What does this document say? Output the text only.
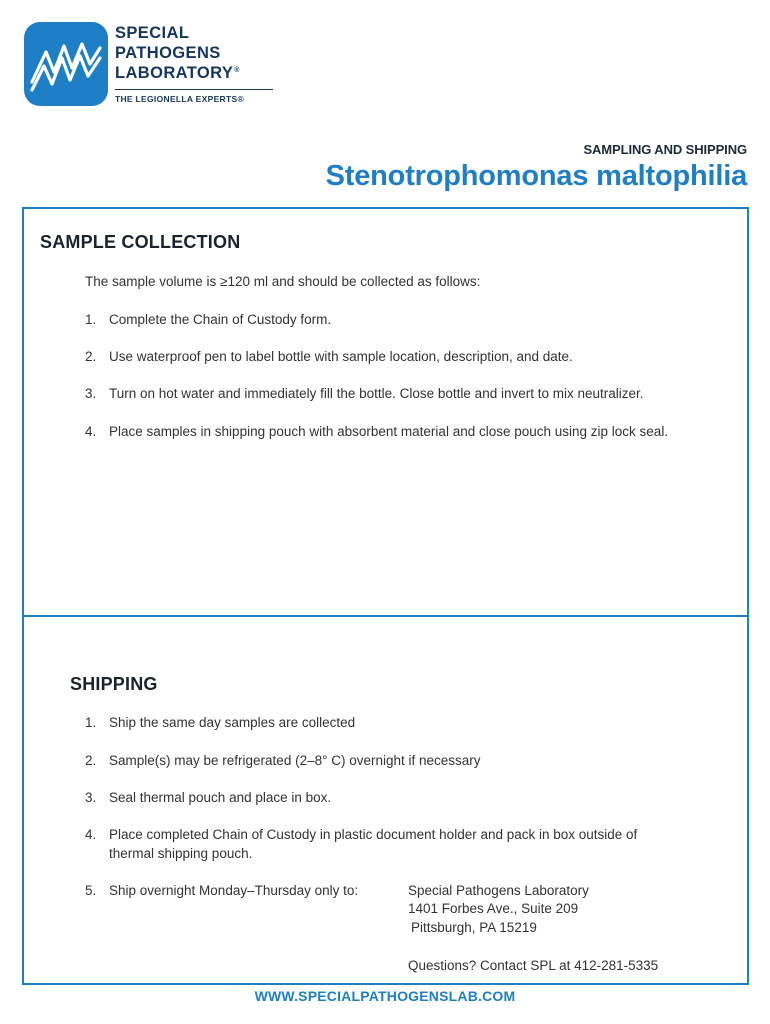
SPECIAL
PATHOGENS
LABORATORY®
THE LEGIONELLA EXPERTS®
SAMPLING AND SHIPPING
Stenotrophomonas maltophilia
SAMPLE COLLECTION
The sample volume is ≥120 ml and should be collected as follows:
1. Complete the Chain of Custody form.
2. Use waterproof pen to label bottle with sample location, description, and date.
3. Turn on hot water and immediately fill the bottle. Close bottle and invert to mix neutralizer.
4. Place samples in shipping pouch with absorbent material and close pouch using zip lock seal.
SHIPPING
1. Ship the same day samples are collected
2. Sample(s) may be refrigerated (2–8° C) overnight if necessary
3. Seal thermal pouch and place in box.
4. Place completed Chain of Custody in plastic document holder and pack in box outside of
thermal shipping pouch.
5. Ship overnight Monday–Thursday only to:	Special Pathogens Laboratory
1401 Forbes Ave., Suite 209
Pittsburgh, PA 15219
Questions? Contact SPL at 412-281-5335
WWW.SPECIALPATHOGENSLAB.COM
